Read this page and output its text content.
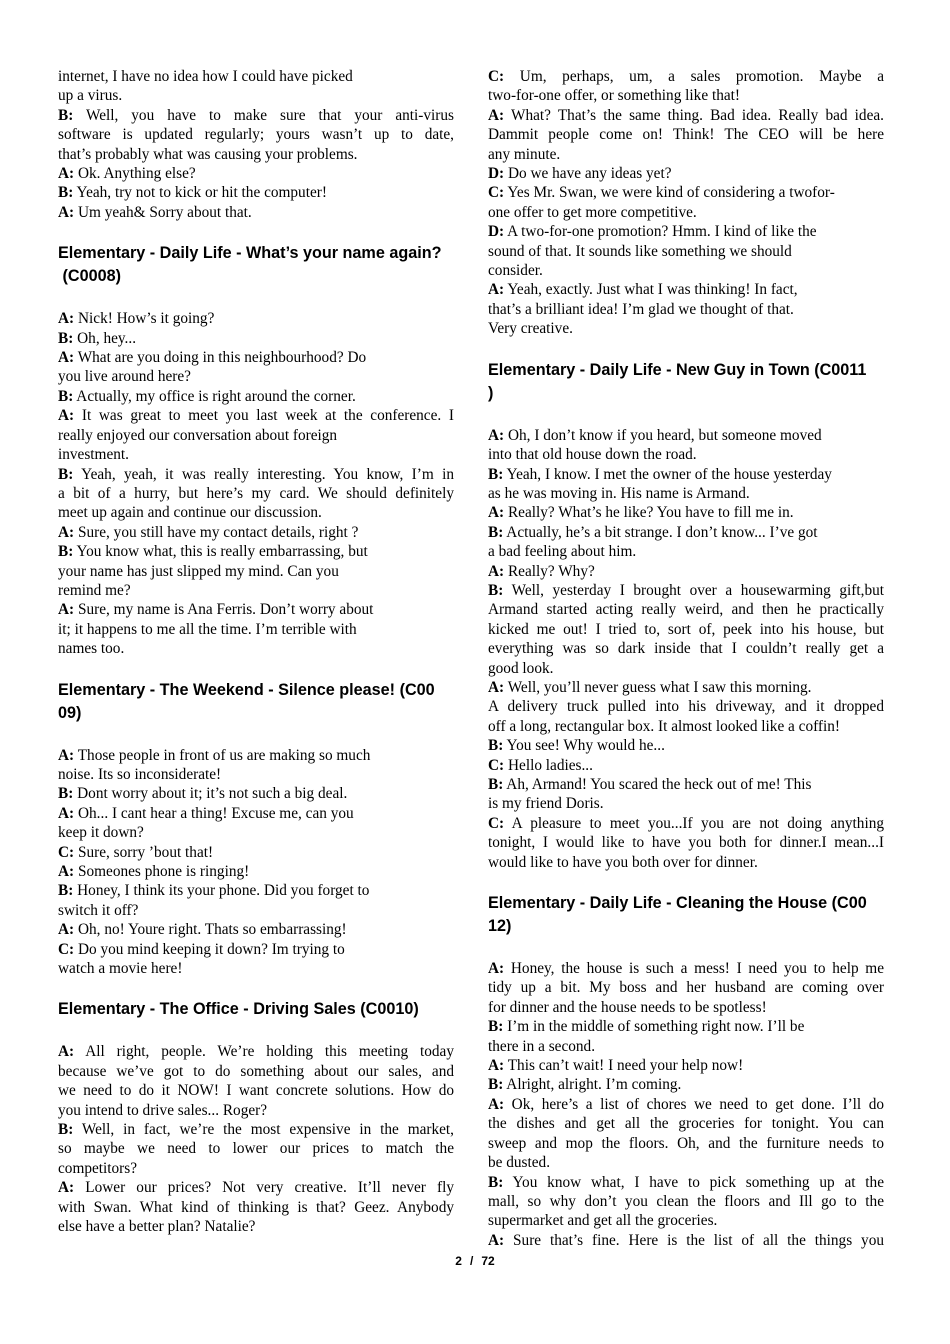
internet, I have no idea how I could have picked
up a virus.
B: Well, you have to make sure that your anti-virus
software is updated regularly; yours wasn’t up to date,
that’s probably what was causing your problems.
A: Ok. Anything else?
B: Yeah, try not to kick or hit the computer!
A: Um yeah& Sorry about that.
Elementary - Daily Life - What’s your name again?
(C0008)
A: Nick! How’s it going?
B: Oh, hey...
A: What are you doing in this neighbourhood? Do
you live around here?
B: Actually, my office is right around the corner.
A: It was great to meet you last week at the conference. I
really enjoyed our conversation about foreign
investment.
B: Yeah, yeah, it was really interesting. You know, I’m in
a bit of a hurry, but here’s my card. We should definitely
meet up again and continue our discussion.
A: Sure, you still have my contact details, right ?
B: You know what, this is really embarrassing, but
your name has just slipped my mind. Can you
remind me?
A: Sure, my name is Ana Ferris. Don’t worry about
it; it happens to me all the time. I’m terrible with
names too.
Elementary - The Weekend - Silence please! (C00
09)
A: Those people in front of us are making so much
noise. Its so inconsiderate!
B: Dont worry about it; it’s not such a big deal.
A: Oh... I cant hear a thing! Excuse me, can you
keep it down?
C: Sure, sorry ’bout that!
A: Someones phone is ringing!
B: Honey, I think its your phone. Did you forget to
switch it off?
A: Oh, no! Youre right. Thats so embarrassing!
C: Do you mind keeping it down? Im trying to
watch a movie here!
Elementary - The Office - Driving Sales (C0010)
A: All right, people. We’re holding this meeting today
because we’ve got to do something about our sales, and
we need to do it NOW! I want concrete solutions. How do
you intend to drive sales... Roger?
B: Well, in fact, we’re the most expensive in the market,
so maybe we need to lower our prices to match the
competitors?
A: Lower our prices? Not very creative. It’ll never fly
with Swan. What kind of thinking is that? Geez. Anybody
else have a better plan? Natalie?
C: Um, perhaps, um, a sales promotion. Maybe a
two-for-one offer, or something like that!
A: What? That’s the same thing. Bad idea. Really bad idea.
Dammit people come on! Think! The CEO will be here
any minute.
D: Do we have any ideas yet?
C: Yes Mr. Swan, we were kind of considering a twofor-
one offer to get more competitive.
D: A two-for-one promotion? Hmm. I kind of like the
sound of that. It sounds like something we should
consider.
A: Yeah, exactly. Just what I was thinking! In fact,
that’s a brilliant idea! I’m glad we thought of that.
Very creative.
Elementary - Daily Life - New Guy in Town (C0011
)
A: Oh, I don’t know if you heard, but someone moved
into that old house down the road.
B: Yeah, I know. I met the owner of the house yesterday
as he was moving in. His name is Armand.
A: Really? What’s he like? You have to fill me in.
B: Actually, he’s a bit strange. I don’t know... I’ve got
a bad feeling about him.
A: Really? Why?
B: Well, yesterday I brought over a housewarming gift,but
Armand started acting really weird, and then he practically
kicked me out! I tried to, sort of, peek into his house, but
everything was so dark inside that I couldn’t really get a
good look.
A: Well, you’ll never guess what I saw this morning.
A delivery truck pulled into his driveway, and it dropped
off a long, rectangular box. It almost looked like a coffin!
B: You see! Why would he...
C: Hello ladies...
B: Ah, Armand! You scared the heck out of me! This
is my friend Doris.
C: A pleasure to meet you...If you are not doing anything
tonight, I would like to have you both for dinner.I mean...I
would like to have you both over for dinner.
Elementary - Daily Life - Cleaning the House (C00
12)
A: Honey, the house is such a mess! I need you to help me
tidy up a bit. My boss and her husband are coming over
for dinner and the house needs to be spotless!
B: I’m in the middle of something right now. I’ll be
there in a second.
A: This can’t wait! I need your help now!
B: Alright, alright. I’m coming.
A: Ok, here’s a list of chores we need to get done. I’ll do
the dishes and get all the groceries for tonight. You can
sweep and mop the floors. Oh, and the furniture needs to
be dusted.
B: You know what, I have to pick something up at the
mall, so why don’t you clean the floors and Ill go to the
supermarket and get all the groceries.
A: Sure that’s fine. Here is the list of all the things you
2 / 72
